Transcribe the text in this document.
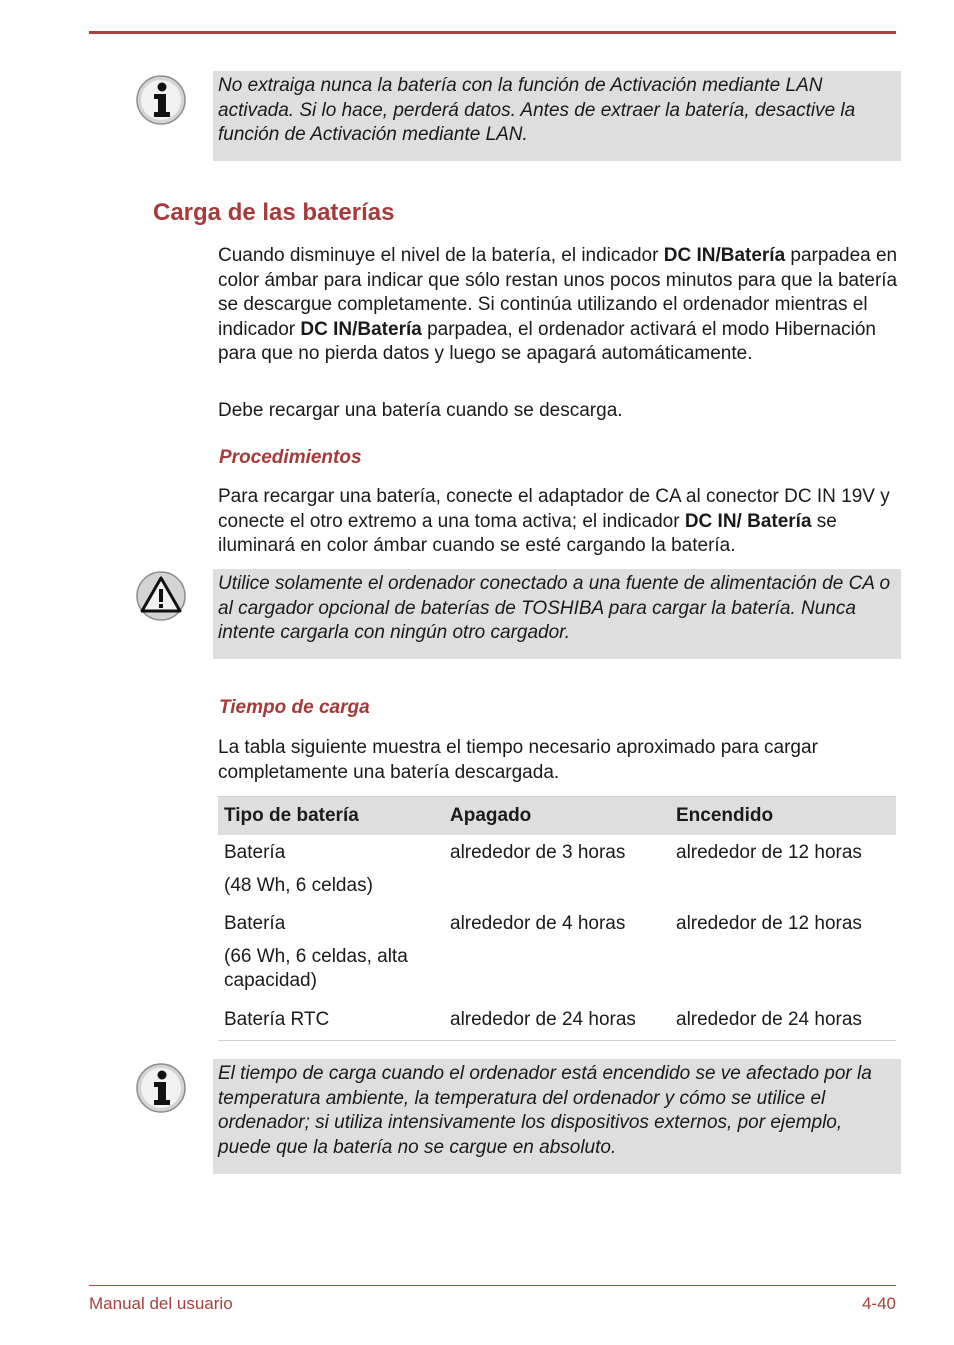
No extraiga nunca la batería con la función de Activación mediante LAN activada. Si lo hace, perderá datos. Antes de extraer la batería, desactive la función de Activación mediante LAN.
Carga de las baterías

Cuando disminuye el nivel de la batería, el indicador DC IN/Batería parpadea en color ámbar para indicar que sólo restan unos pocos minutos para que la batería se descargue completamente. Si continúa utilizando el ordenador mientras el indicador DC IN/Batería parpadea, el ordenador activará el modo Hibernación para que no pierda datos y luego se apagará automáticamente.

Debe recargar una batería cuando se descarga.

Procedimientos

Para recargar una batería, conecte el adaptador de CA al conector DC IN 19V y conecte el otro extremo a una toma activa; el indicador DC IN/ Batería se iluminará en color ámbar cuando se esté cargando la batería.

Utilice solamente el ordenador conectado a una fuente de alimentación de CA o al cargador opcional de baterías de TOSHIBA para cargar la batería. Nunca intente cargarla con ningún otro cargador.
Tiempo de carga

La tabla siguiente muestra el tiempo necesario aproximado para cargar completamente una batería descargada.

Tipo de batería	Apagado	Encendido

Batería
(48 Wh, 6 celdas)	alrededor de 3 horas	alrededor de 12 horas

Batería
(66 Wh, 6 celdas, alta capacidad)	alrededor de 4 horas	alrededor de 12 horas
Batería RTC	alrededor de 24 horas	alrededor de 24 horas
El tiempo de carga cuando el ordenador está encendido se ve afectado por la temperatura ambiente, la temperatura del ordenador y cómo se utilice el ordenador; si utiliza intensivamente los dispositivos externos, por ejemplo, puede que la batería no se cargue en absoluto.
Manual del usuario	4-40
